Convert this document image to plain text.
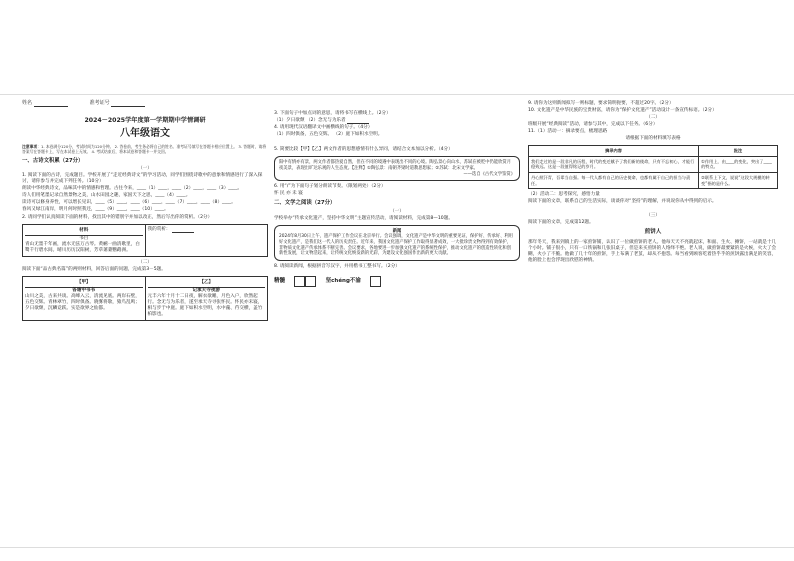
姓名	准考证号
2024－2025学年度第一学期期中学情调研
八年级语文
注意事项：1. 本卷满分120分，考试时间为120分钟。 2. 答卷前，考生务必将自己的姓名、准考证号填写在答题卡相应位置上。 3. 答题时，请将答案写在答题卡上，写在本试卷上无效。 4. 考试结束后，将本试卷和答题卡一并交回。
一、古诗文积累（27分）
（一）

1. 阅读下面的古诗，完成题目。学校开展了“走近经典诗文”的学习活动，同学们围绕诗歌中的意象和情感进行了深入探讨，请你参与并完成下列任务。（10分）

朗读中华经典诗文，品味其中的情感和哲理。古往今来，____（1）____，____（2）____，____（3）____。

诗人们用笔墨记录自然景物之美，山水田园之趣，家国天下之思，____（4）____。

读诗可以修身养性，可以增长见识，____（5）____，____（6）____，____（7）____，____（8）____。

春风又绿江南岸，明月何时照我还，____（9）____，____（10）____。

2. 请同学们认真阅读下面的材料，找出其中的错别字并加以改正，然后写出你的赏析。（2分）

材料
书目
青山无墨千年画，流水无弦万古琴。黄鹂一曲清歌里，白鹭千行碧水间。晴川历历汉阳树，芳草萋萋鹦鹉洲。
我的赏析：
（二）

阅读下面“品古典名篇”的两则材料，回答后面的问题，完成第3－5题。

【甲】
答谢中书书
山川之美，古来共谈。高峰入云，清流见底。两岸石壁，五色交辉。青林翠竹，四时俱备。晓雾将歇，猿鸟乱鸣；夕日欲颓，沉鳞竞跃。实是欲界之仙都。
【乙】
记承天寺夜游
元丰六年十月十二日夜，解衣欲睡，月色入户，欣然起行。念无与为乐者，遂至承天寺寻张怀民。怀民亦未寝，相与步于中庭。庭下如积水空明，水中藻、荇交横，盖竹柏影也。

3. 下面句子中加点词的意思，请将书写在横线上。（2分）

（1）夕日欲颓 （2）念无与为乐者

4. 请用现代汉语翻译文中画横线的句子。（4分）

（1）四时俱备，五色交辉。 （2）庭下如积水空明。

5. 简要比较【甲】【乙】两文作者的思想感情有什么异同，请结合文本加以分析。（4分）

阳中有情亦有景，两文作者都热爱自然，但在不同的境遇中表现出不同的心境。陶弘景心向山水，苏轼在被贬中仍能欣赏月夜美景，表现出旷达乐观的人生态度。【注释】①陶弘景：南朝齐梁时道教思想家；②苏轼：北宋文学家。
——选自《古代文学鉴赏》

6. 用“/”为下面句子划分朗读节奏。（限划两处）（2分）

怀 民 亦 未 寝

二、文学之阅读（27分）
（一）

学校举办“传承文化遗产，坚持中华文明”主题宣传活动，请阅读材料，完成第8—10题。

新闻
2024年8月30日上午，遗产保护工作会议在北京举行。会议强调，文化遗产是中华文明的重要见证，保护好、传承好、利用好文化遗产，是我们这一代人的历史责任。近年来，我国文化遗产保护工作取得显著成效，一大批珍贵文物得到有效保护，非物质文化遗产传承体系不断完善。会议要求，各地要进一步加强文化遗产的系统性保护，推动文化遗产的创造性转化和创新性发展，让文物活起来，让传统文化焕发新的光彩，为建设文化强国作出新的更大贡献。

8. 请阅读新闻，根据拼音写汉字，并用楷书工整书写。（2分）

精髓	坚chéng不渝

9. 请你为这则新闻拟写一则标题，要求简明扼要，不超过20字。（2分）

10. 文化遗产是中华民族的宝贵财富，请你为“保护文化遗产”活动设计一条宣传标语。（2分）

（二）

班级开展“经典阅读”活动，请参与其中，完成以下任务。（6分）

11.（1）活动一：摘录要点，梳理思路

请根据下面的材料填写表格
摘录内容	批注
我们走过的是一段非凡的历程，时代的变迁赋予了我们新的使命，只有不忘初心，才能行稳致远。这是一段值得铭记的岁月。	①作用上，由____的变化，突出了____的特点。
丹心照汗青，吾辈当自强。每一代人都有自己的历史使命，也都有属于自己的担当与责任。	②联系上下文，说说“这段大规模的转变”指的是什么。

（2）活动二：思考探究，感悟力量

阅读下面的文章，联系自己的生活实际，谈谈你对“坚持”的理解，并说说你从中得到的启示。

（三）

阅读下面的文章，完成第12题。

煎饼人

那年冬天，我来到镇上的一家煎饼铺，认识了一位做煎饼的老人。他每天天不亮就起床，和面、生火、摊饼，一站就是十几个小时。铺子很小，只有一口铁锅和几张旧桌子，但是来买煎饼的人络绎不绝。老人说，做煎饼最要紧的是火候，火大了会糊，火小了不脆。他做了几十年的煎饼，手上布满了老茧，却从不抱怨。每当看到顾客吃着热乎乎的煎饼露出满足的笑容，他的脸上也会浮现出欣慰的神情。
